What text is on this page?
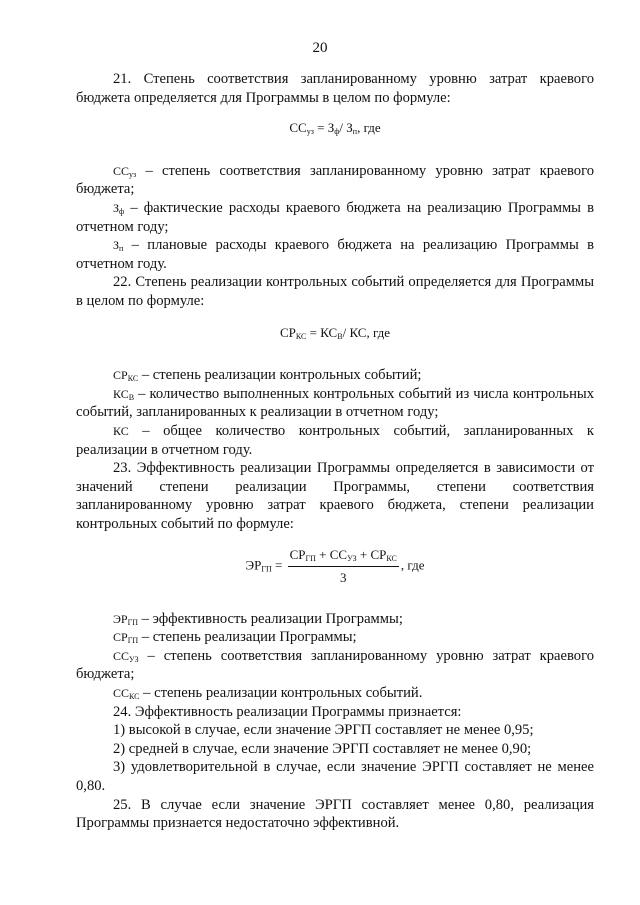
20

21. Степень соответствия запланированному уровню затрат краевого бюджета определяется для Программы в целом по формуле:

$СС_{уз} = З_ф/$ $З_п$, где

$СС_{уз}$ – степень соответствия запланированному уровню затрат краевого бюджета;

$З_ф$ – фактические расходы краевого бюджета на реализацию Программы в отчетном году;

$З_п$ – плановые расходы краевого бюджета на реализацию Программы в отчетном году.

22. Степень реализации контрольных событий определяется для Программы в целом по формуле:

$СР_{КС} = КС_В/$ КС, где

$СР_{КС}$ – степень реализации контрольных событий;

$КС_В$ – количество выполненных контрольных событий из числа контрольных событий, запланированных к реализации в отчетном году;

КС – общее количество контрольных событий, запланированных к реализации в отчетном году.

23. Эффективность реализации Программы определяется в зависимости от значений степени реализации Программы, степени соответствия запланированному уровню затрат краевого бюджета, степени реализации контрольных событий по формуле:

$ЭР_{ГП} = \frac{СР_{ГП} + СС_{УЗ} + СР_{КС}}{3}$ , где

$ЭР_{ГП}$ – эффективность реализации Программы;

$СР_{ГП}$ – степень реализации Программы;

$СС_{УЗ}$ – степень соответствия запланированному уровню затрат краевого бюджета;

$СС_{КС}$ – степень реализации контрольных событий.

24. Эффективность реализации Программы признается:

1) высокой в случае, если значение ЭРГП составляет не менее 0,95;

2) средней в случае, если значение ЭРГП составляет не менее 0,90;

3) удовлетворительной в случае, если значение ЭРГП составляет не менее 0,80.

25. В случае если значение ЭРГП составляет менее 0,80, реализация Программы признается недостаточно эффективной.
